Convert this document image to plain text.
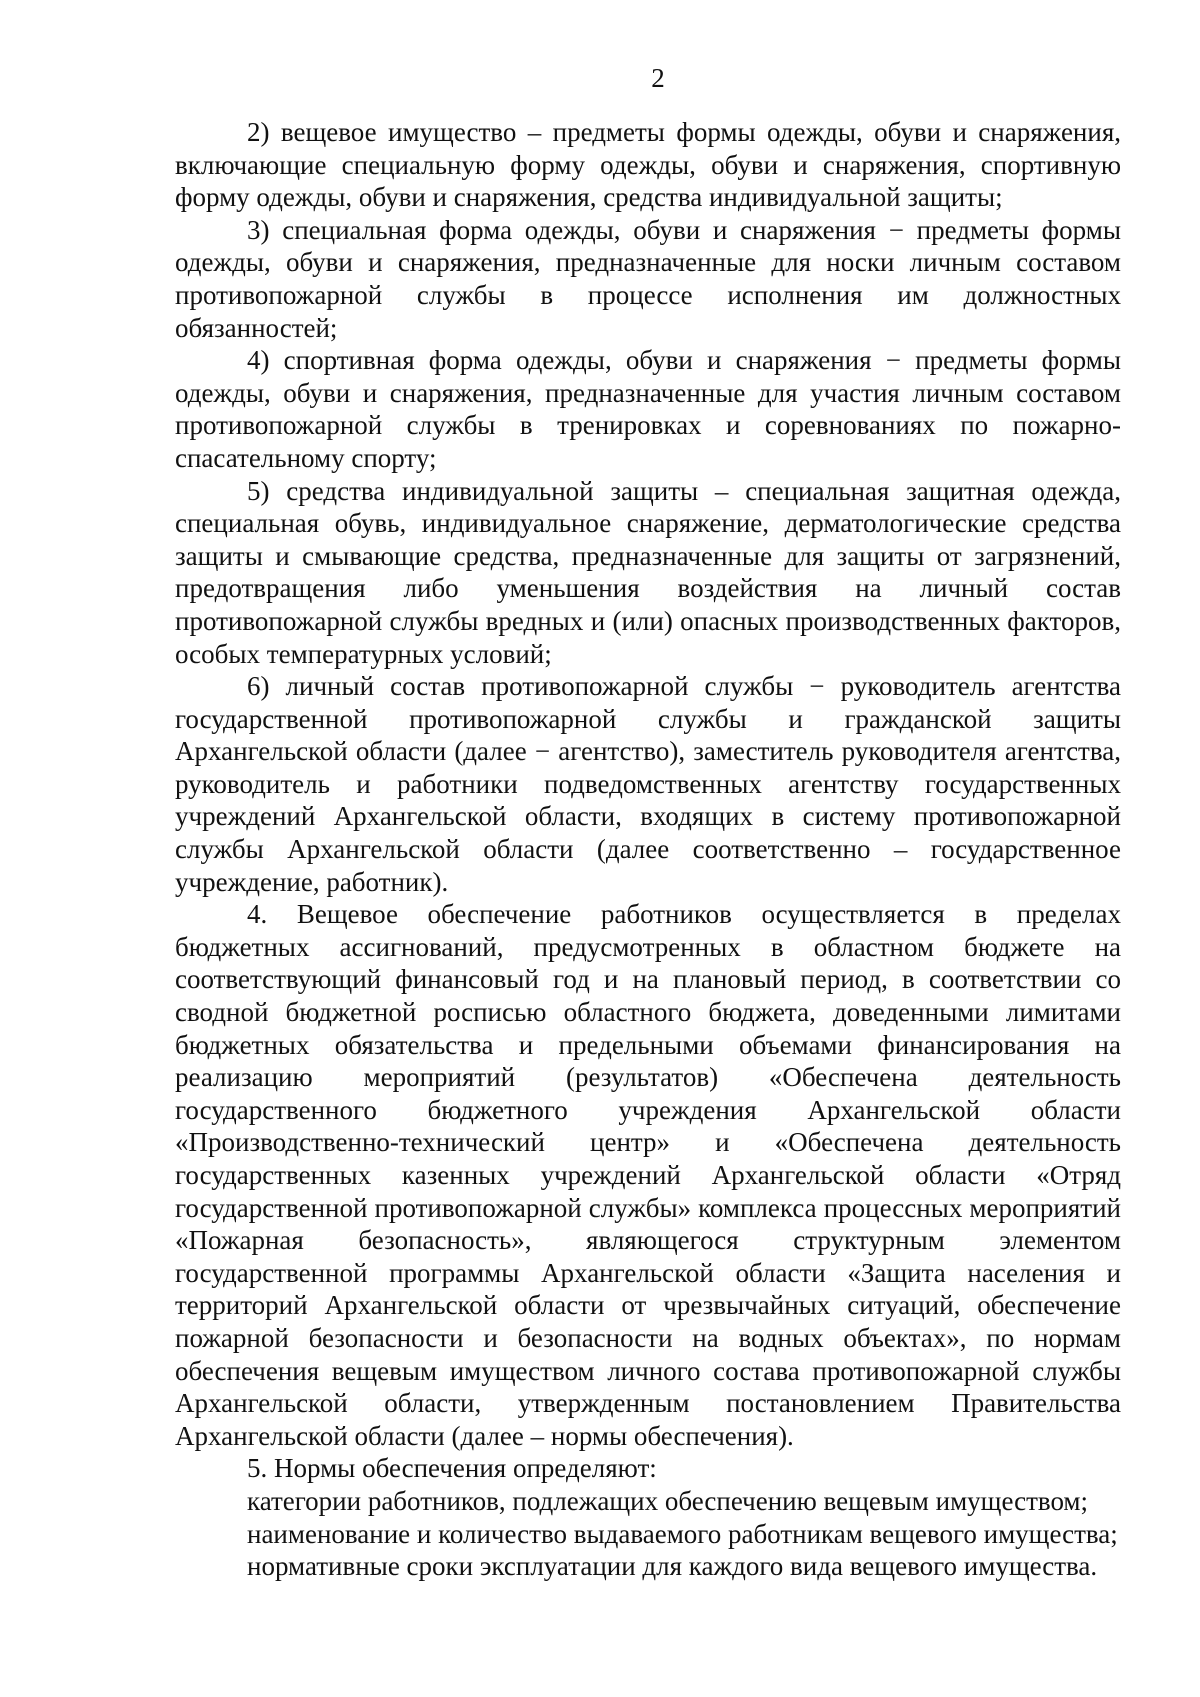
2

2) вещевое имущество – предметы формы одежды, обуви и снаряжения, включающие специальную форму одежды, обуви и снаряжения, спортивную форму одежды, обуви и снаряжения, средства индивидуальной защиты;

3) специальная форма одежды, обуви и снаряжения − предметы формы одежды, обуви и снаряжения, предназначенные для носки личным составом противопожарной службы в процессе исполнения им должностных обязанностей;

4) спортивная форма одежды, обуви и снаряжения − предметы формы одежды, обуви и снаряжения, предназначенные для участия личным составом противопожарной службы в тренировках и соревнованиях по пожарно-спасательному спорту;

5) средства индивидуальной защиты – специальная защитная одежда, специальная обувь, индивидуальное снаряжение, дерматологические средства защиты и смывающие средства, предназначенные для защиты от загрязнений, предотвращения либо уменьшения воздействия на личный состав противопожарной службы вредных и (или) опасных производственных факторов, особых температурных условий;

6) личный состав противопожарной службы − руководитель агентства государственной противопожарной службы и гражданской защиты Архангельской области (далее − агентство), заместитель руководителя агентства, руководитель и работники подведомственных агентству государственных учреждений Архангельской области, входящих в систему противопожарной службы Архангельской области (далее соответственно – государственное учреждение, работник).

4. Вещевое обеспечение работников осуществляется в пределах бюджетных ассигнований, предусмотренных в областном бюджете на соответствующий финансовый год и на плановый период, в соответствии со сводной бюджетной росписью областного бюджета, доведенными лимитами бюджетных обязательства и предельными объемами финансирования на реализацию мероприятий (результатов) «Обеспечена деятельность государственного бюджетного учреждения Архангельской области «Производственно-технический центр» и «Обеспечена деятельность государственных казенных учреждений Архангельской области «Отряд государственной противопожарной службы» комплекса процессных мероприятий «Пожарная безопасность», являющегося структурным элементом государственной программы Архангельской области «Защита населения и территорий Архангельской области от чрезвычайных ситуаций, обеспечение пожарной безопасности и безопасности на водных объектах», по нормам обеспечения вещевым имуществом личного состава противопожарной службы Архангельской области, утвержденным постановлением Правительства Архангельской области (далее – нормы обеспечения).

5. Нормы обеспечения определяют:

категории работников, подлежащих обеспечению вещевым имуществом;

наименование и количество выдаваемого работникам вещевого имущества;

нормативные сроки эксплуатации для каждого вида вещевого имущества.
